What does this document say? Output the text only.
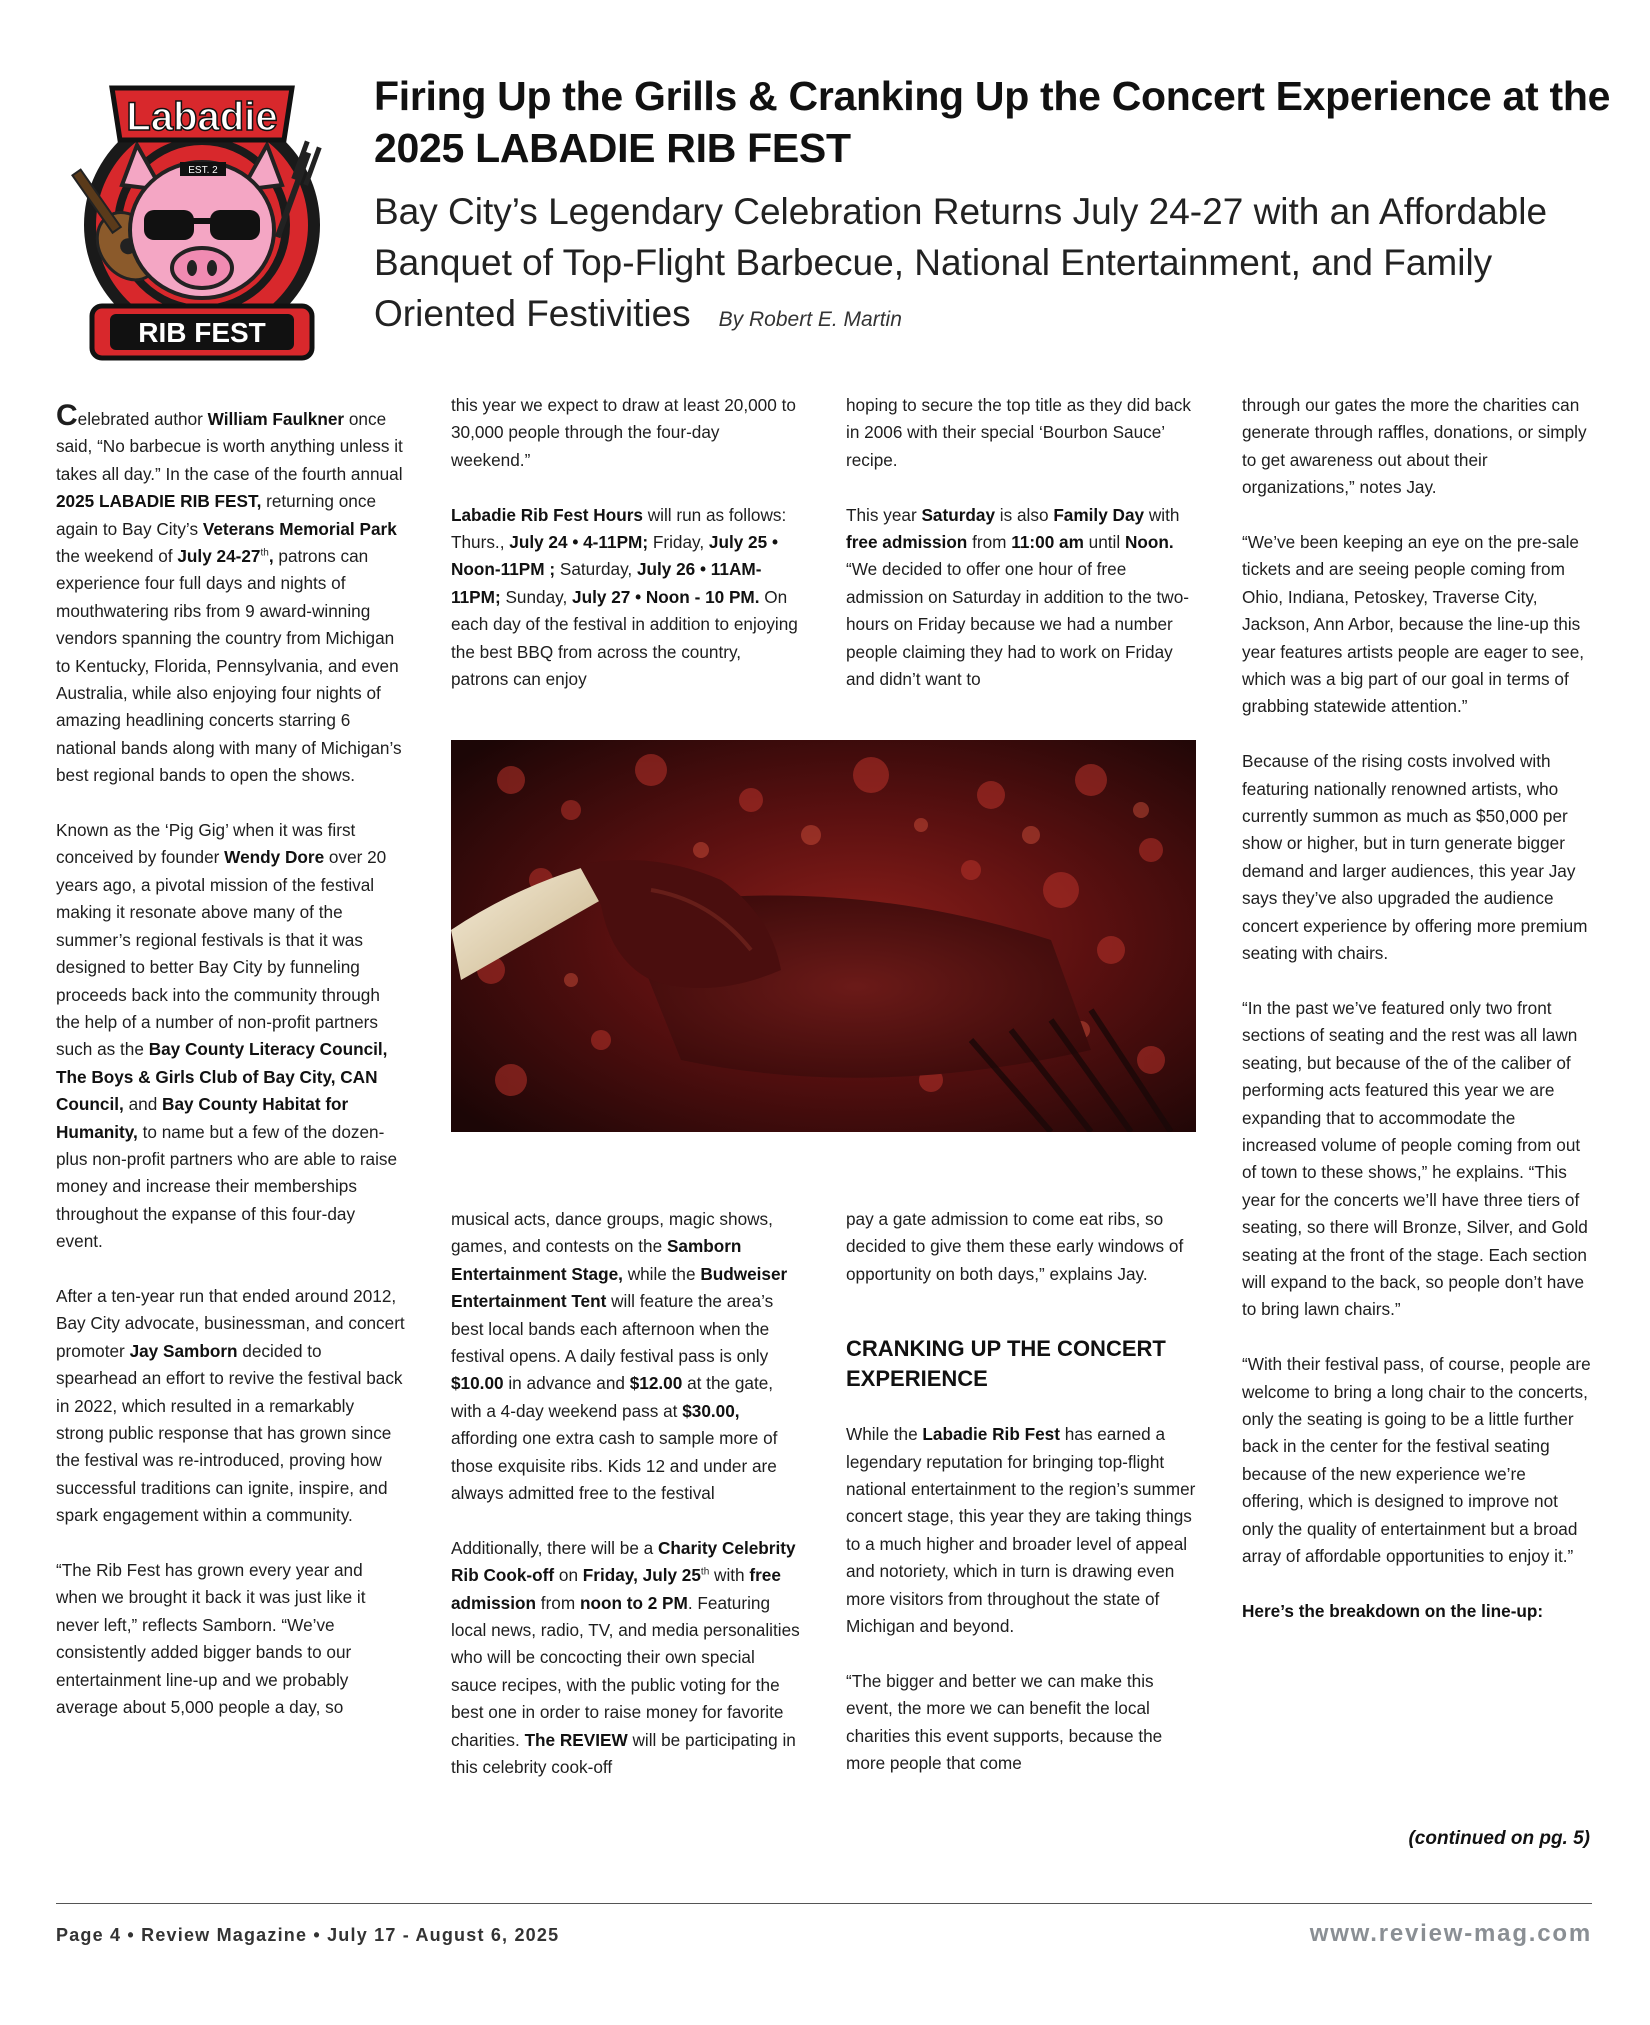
Labadie
EST. 2
RIB FEST
Firing Up the Grills & Cranking Up the Concert Experience at the 2025 LABADIE RIB FEST
Bay City’s Legendary Celebration Returns July 24-27 with an Affordable Banquet of Top-Flight Barbecue, National Entertainment, and Family Oriented Festivities By Robert E. Martin

Celebrated author William Faulkner once said, “No barbecue is worth anything unless it takes all day.” In the case of the fourth annual 2025 LABADIE RIB FEST, returning once again to Bay City’s Veterans Memorial Park the weekend of July 24-27th, patrons can experience four full days and nights of mouthwatering ribs from 9 award-winning vendors spanning the country from Michigan to Kentucky, Florida, Pennsylvania, and even Australia, while also enjoying four nights of amazing headlining concerts starring 6 national bands along with many of Michigan’s best regional bands to open the shows.

Known as the ‘Pig Gig’ when it was first conceived by founder Wendy Dore over 20 years ago, a pivotal mission of the festival making it resonate above many of the summer’s regional festivals is that it was designed to better Bay City by funneling proceeds back into the community through the help of a number of non-profit partners such as the Bay County Literacy Council, The Boys & Girls Club of Bay City, CAN Council, and Bay County Habitat for Humanity, to name but a few of the dozen-plus non-profit partners who are able to raise money and increase their memberships throughout the expanse of this four-day event.

After a ten-year run that ended around 2012, Bay City advocate, businessman, and concert promoter Jay Samborn decided to spearhead an effort to revive the festival back in 2022, which resulted in a remarkably strong public response that has grown since the festival was re-introduced, proving how successful traditions can ignite, inspire, and spark engagement within a community.

“The Rib Fest has grown every year and when we brought it back it was just like it never left,” reflects Samborn. “We’ve consistently added bigger bands to our entertainment line-up and we probably average about 5,000 people a day, so

this year we expect to draw at least 20,000 to 30,000 people through the four-day weekend.”

Labadie Rib Fest Hours will run as follows: Thurs., July 24 • 4-11PM; Friday, July 25 • Noon-11PM ; Saturday, July 26 • 11AM-11PM; Sunday, July 27 • Noon - 10 PM. On each day of the festival in addition to enjoying the best BBQ from across the country, patrons can enjoy

hoping to secure the top title as they did back in 2006 with their special ‘Bourbon Sauce’ recipe.

This year Saturday is also Family Day with free admission from 11:00 am until Noon. “We decided to offer one hour of free admission on Saturday in addition to the two-hours on Friday because we had a number people claiming they had to work on Friday and didn’t want to

musical acts, dance groups, magic shows, games, and contests on the Samborn Entertainment Stage, while the Budweiser Entertainment Tent will feature the area’s best local bands each afternoon when the festival opens. A daily festival pass is only $10.00 in advance and $12.00 at the gate, with a 4-day weekend pass at $30.00, affording one extra cash to sample more of those exquisite ribs. Kids 12 and under are always admitted free to the festival

Additionally, there will be a Charity Celebrity Rib Cook-off on Friday, July 25th with free admission from noon to 2 PM. Featuring local news, radio, TV, and media personalities who will be concocting their own special sauce recipes, with the public voting for the best one in order to raise money for favorite charities. The REVIEW will be participating in this celebrity cook-off

pay a gate admission to come eat ribs, so decided to give them these early windows of opportunity on both days,” explains Jay.

CRANKING UP THE CONCERT EXPERIENCE

While the Labadie Rib Fest has earned a legendary reputation for bringing top-flight national entertainment to the region’s summer concert stage, this year they are taking things to a much higher and broader level of appeal and notoriety, which in turn is drawing even more visitors from throughout the state of Michigan and beyond.

“The bigger and better we can make this event, the more we can benefit the local charities this event supports, because the more people that come

through our gates the more the charities can generate through raffles, donations, or simply to get awareness out about their organizations,” notes Jay.

“We’ve been keeping an eye on the pre-sale tickets and are seeing people coming from Ohio, Indiana, Petoskey, Traverse City, Jackson, Ann Arbor, because the line-up this year features artists people are eager to see, which was a big part of our goal in terms of grabbing statewide attention.”

Because of the rising costs involved with featuring nationally renowned artists, who currently summon as much as $50,000 per show or higher, but in turn generate bigger demand and larger audiences, this year Jay says they’ve also upgraded the audience concert experience by offering more premium seating with chairs.

“In the past we’ve featured only two front sections of seating and the rest was all lawn seating, but because of the of the caliber of performing acts featured this year we are expanding that to accommodate the increased volume of people coming from out of town to these shows,” he explains. “This year for the concerts we’ll have three tiers of seating, so there will Bronze, Silver, and Gold seating at the front of the stage. Each section will expand to the back, so people don’t have to bring lawn chairs.”

“With their festival pass, of course, people are welcome to bring a long chair to the concerts, only the seating is going to be a little further back in the center for the festival seating because of the new experience we’re offering, which is designed to improve not only the quality of entertainment but a broad array of affordable opportunities to enjoy it.”

Here’s the breakdown on the line-up:

(continued on pg. 5)
Page 4 • Review Magazine • July 17 - August 6, 2025	www.review-mag.com
